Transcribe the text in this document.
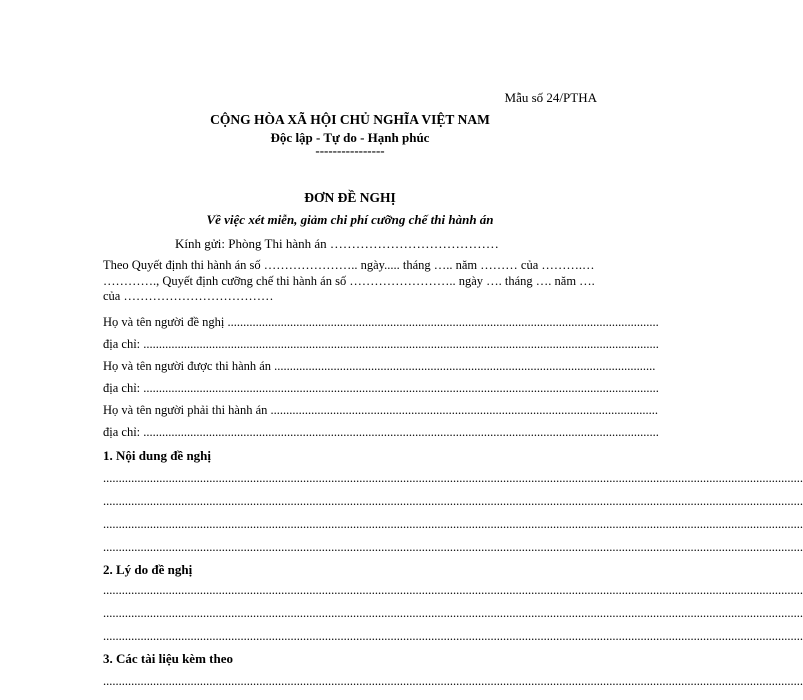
Mẫu số 24/PTHA
CỘNG HÒA XÃ HỘI CHỦ NGHĨA VIỆT NAM
Độc lập - Tự do - Hạnh phúc
----------------
ĐƠN ĐỀ NGHỊ
Về việc xét miễn, giảm chi phí cưỡng chế thi hành án
Kính gửi: Phòng Thi hành án …………………………………
Theo Quyết định thi hành án số ………………….. ngày..... tháng ….. năm ……… của ……….… …………., Quyết định cưỡng chế thi hành án số …………………….. ngày …. tháng …. năm …. của ………………………………
Họ và tên người đề nghị ..........................................................................................................................................
địa chỉ: .....................................................................................................................................................................
Họ và tên người được thi hành án ..........................................................................................................................
địa chỉ: .....................................................................................................................................................................
Họ và tên người phải thi hành án ............................................................................................................................
địa chỉ: .....................................................................................................................................................................
1. Nội dung đề nghị
................................................................................................................................................................................................................................
................................................................................................................................................................................................................................
................................................................................................................................................................................................................................
................................................................................................................................................................................................................................
2. Lý do đề nghị
................................................................................................................................................................................................................................
................................................................................................................................................................................................................................
................................................................................................................................................................................................................................
3. Các tài liệu kèm theo
................................................................................................................................................................................................................................
